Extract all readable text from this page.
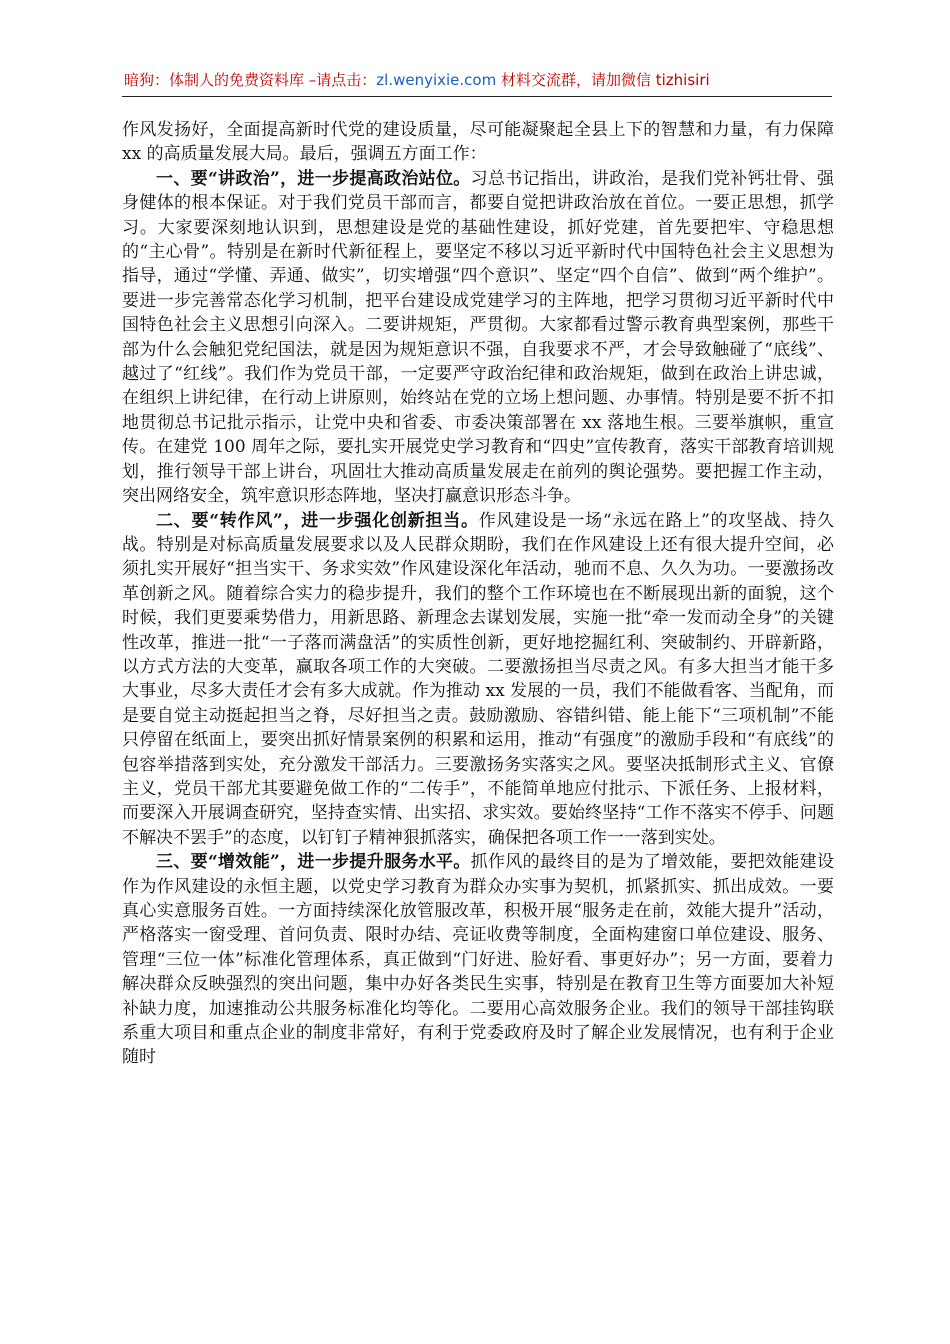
暗狗：体制人的免费资料库 –请点击：zl.wenyixie.com 材料交流群，请加微信 tizhisiri

作风发扬好，全面提高新时代党的建设质量，尽可能凝聚起全县上下的智慧和力量，有力保障 xx 的高质量发展大局。最后，强调五方面工作：

一、要“讲政治”，进一步提高政治站位。习总书记指出，讲政治，是我们党补钙壮骨、强身健体的根本保证。对于我们党员干部而言，都要自觉把讲政治放在首位。一要正思想，抓学习。大家要深刻地认识到，思想建设是党的基础性建设，抓好党建，首先要把牢、守稳思想的“主心骨”。特别是在新时代新征程上，要坚定不移以习近平新时代中国特色社会主义思想为指导，通过“学懂、弄通、做实”，切实增强“四个意识”、坚定“四个自信”、做到“两个维护”。要进一步完善常态化学习机制，把平台建设成党建学习的主阵地，把学习贯彻习近平新时代中国特色社会主义思想引向深入。二要讲规矩，严贯彻。大家都看过警示教育典型案例，那些干部为什么会触犯党纪国法，就是因为规矩意识不强，自我要求不严，才会导致触碰了“底线”、越过了“红线”。我们作为党员干部，一定要严守政治纪律和政治规矩，做到在政治上讲忠诚，在组织上讲纪律，在行动上讲原则，始终站在党的立场上想问题、办事情。特别是要不折不扣地贯彻总书记批示指示，让党中央和省委、市委决策部署在 xx 落地生根。三要举旗帜，重宣传。在建党 100 周年之际，要扎实开展党史学习教育和“四史”宣传教育，落实干部教育培训规划，推行领导干部上讲台，巩固壮大推动高质量发展走在前列的舆论强势。要把握工作主动，突出网络安全，筑牢意识形态阵地，坚决打赢意识形态斗争。

二、要“转作风”，进一步强化创新担当。作风建设是一场“永远在路上”的攻坚战、持久战。特别是对标高质量发展要求以及人民群众期盼，我们在作风建设上还有很大提升空间，必须扎实开展好“担当实干、务求实效”作风建设深化年活动，驰而不息、久久为功。一要激扬改革创新之风。随着综合实力的稳步提升，我们的整个工作环境也在不断展现出新的面貌，这个时候，我们更要乘势借力，用新思路、新理念去谋划发展，实施一批“牵一发而动全身”的关键性改革，推进一批“一子落而满盘活”的实质性创新，更好地挖掘红利、突破制约、开辟新路，以方式方法的大变革，赢取各项工作的大突破。二要激扬担当尽责之风。有多大担当才能干多大事业，尽多大责任才会有多大成就。作为推动 xx 发展的一员，我们不能做看客、当配角，而是要自觉主动挺起担当之脊，尽好担当之责。鼓励激励、容错纠错、能上能下“三项机制”不能只停留在纸面上，要突出抓好情景案例的积累和运用，推动“有强度”的激励手段和“有底线”的包容举措落到实处，充分激发干部活力。三要激扬务实落实之风。要坚决抵制形式主义、官僚主义，党员干部尤其要避免做工作的“二传手”，不能简单地应付批示、下派任务、上报材料，而要深入开展调查研究，坚持查实情、出实招、求实效。要始终坚持“工作不落实不停手、问题不解决不罢手”的态度，以钉钉子精神狠抓落实，确保把各项工作一一落到实处。

三、要“增效能”，进一步提升服务水平。抓作风的最终目的是为了增效能，要把效能建设作为作风建设的永恒主题，以党史学习教育为群众办实事为契机，抓紧抓实、抓出成效。一要真心实意服务百姓。一方面持续深化放管服改革，积极开展“服务走在前，效能大提升”活动，严格落实一窗受理、首问负责、限时办结、亮证收费等制度，全面构建窗口单位建设、服务、管理“三位一体”标准化管理体系，真正做到“门好进、脸好看、事更好办”；另一方面，要着力解决群众反映强烈的突出问题，集中办好各类民生实事，特别是在教育卫生等方面要加大补短补缺力度，加速推动公共服务标准化均等化。二要用心高效服务企业。我们的领导干部挂钩联系重大项目和重点企业的制度非常好，有利于党委政府及时了解企业发展情况，也有利于企业随时
